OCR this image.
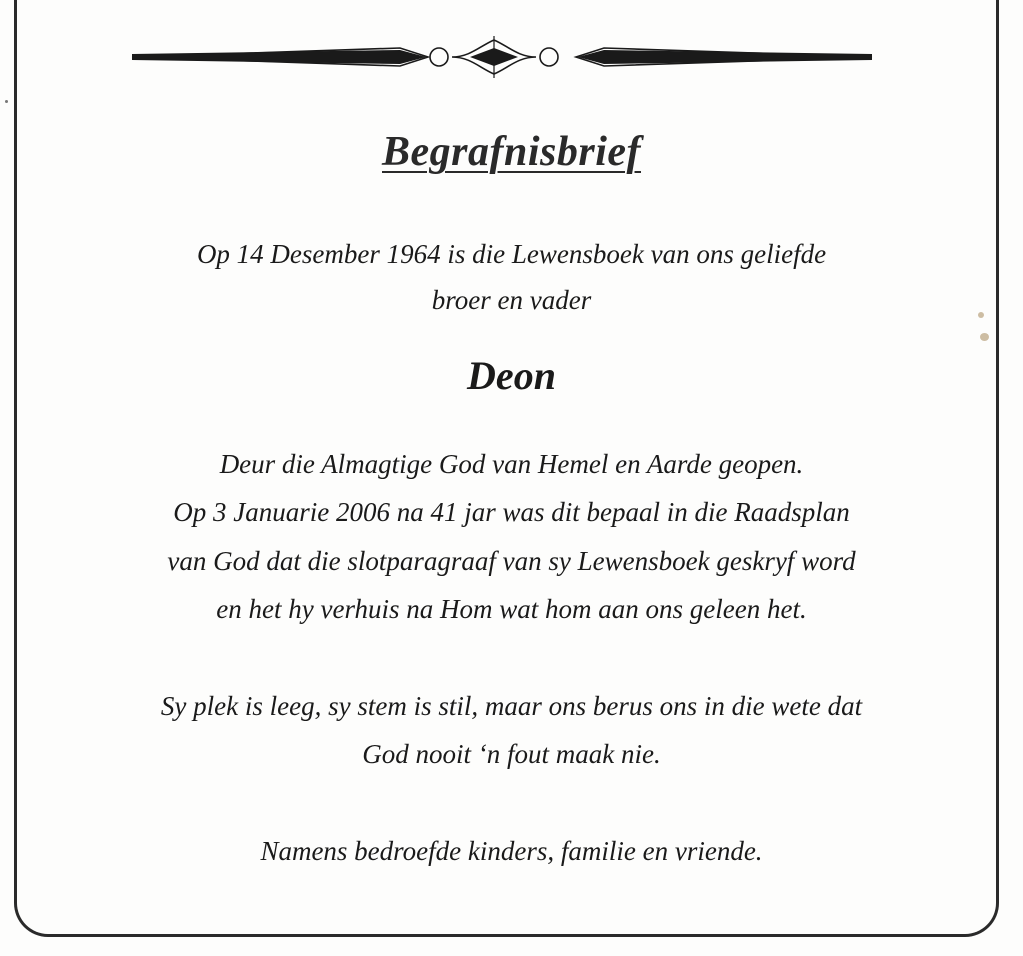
Begrafnisbrief
Op 14 Desember 1964 is die Lewensboek van ons geliefde
broer en vader
Deon
Deur die Almagtige God van Hemel en Aarde geopen.
Op 3 Januarie 2006 na 41 jar was dit bepaal in die Raadsplan
van God dat die slotparagraaf van sy Lewensboek geskryf word
en het hy verhuis na Hom wat hom aan ons geleen het.
Sy plek is leeg, sy stem is stil, maar ons berus ons in die wete dat
God nooit ‘n fout maak nie.
Namens bedroefde kinders, familie en vriende.
